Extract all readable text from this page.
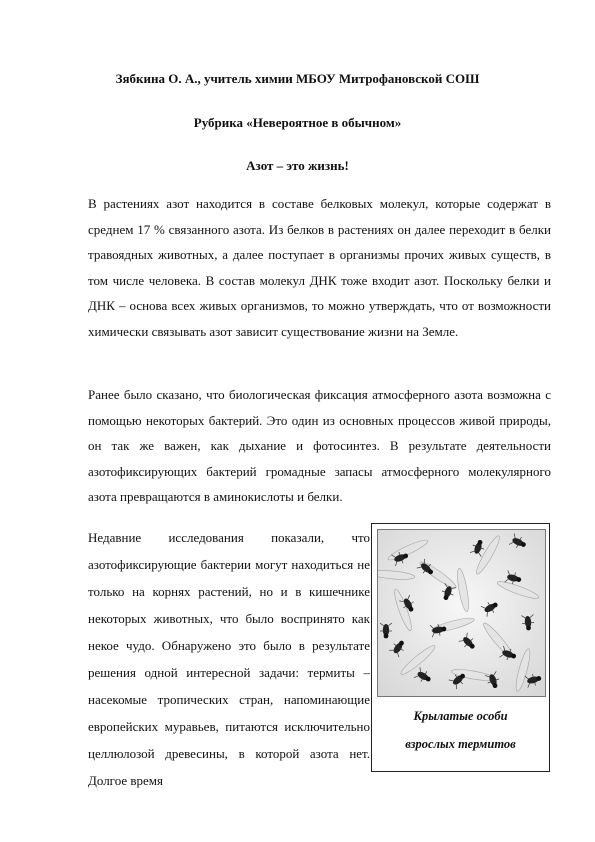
Зябкина О. А., учитель химии МБОУ Митрофановской СОШ
Рубрика «Невероятное в обычном»
Азот – это жизнь!

В растениях азот находится в составе белковых молекул, которые содержат в среднем 17 % связанного азота. Из белков в растениях он далее переходит в белки травоядных животных, а далее поступает в организмы прочих живых существ, в том числе человека. В состав молекул ДНК тоже входит азот. Поскольку белки и ДНК – основа всех живых организмов, то можно утверждать, что от возможности химически связывать азот зависит существование жизни на Земле.

Ранее было сказано, что биологическая фиксация атмосферного азота возможна с помощью некоторых бактерий. Это один из основных процессов живой природы, он так же важен, как дыхание и фотосинтез. В результате деятельности азотофиксирующих бактерий громадные запасы атмосферного молекулярного азота превращаются в аминокислоты и белки.

Недавние исследования показали, что азотофиксирующие бактерии могут находиться не только на корнях растений, но и в кишечнике некоторых животных, что было воспринято как некое чудо. Обнаружено это было в результате решения одной интересной задачи: термиты – насекомые тропических стран, напоминающие европейских муравьев, питаются исключительно целлюлозой древесины, в которой азота нет. Долгое время

Крылатые особи
взрослых термитов
